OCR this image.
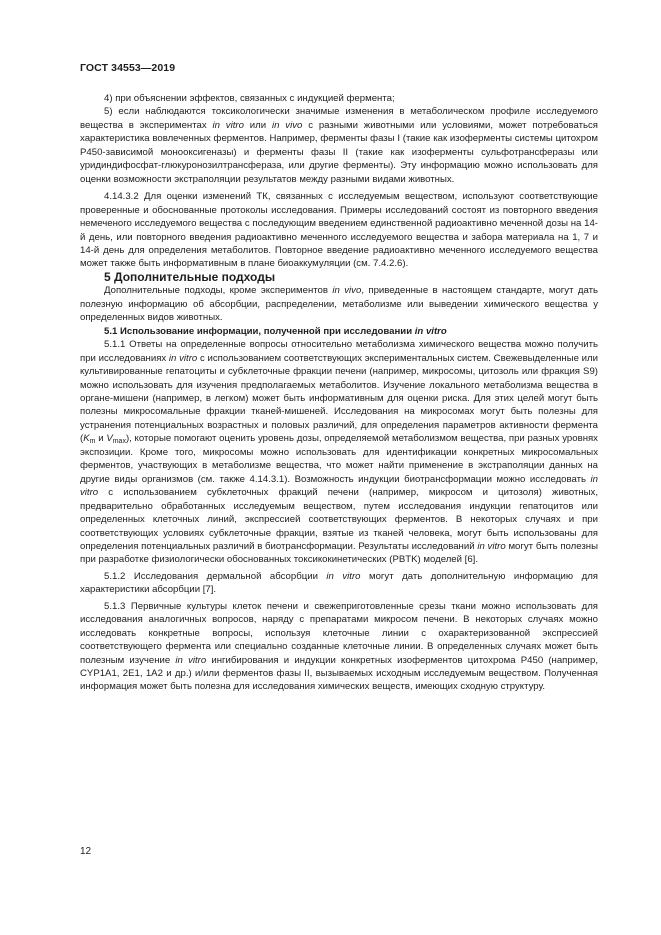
ГОСТ 34553—2019

4) при объяснении эффектов, связанных с индукцией фермента;

5) если наблюдаются токсикологически значимые изменения в метаболическом профиле исследуемого вещества в экспериментах in vitro или in vivo с разными животными или условиями, может потребоваться характеристика вовлеченных ферментов. Например, ферменты фазы I (такие как изоферменты системы цитохром Р450-зависимой монооксигеназы) и ферменты фазы II (такие как изоферменты сульфотрансферазы или уридиндифосфат-глюкуронозилтрансфераза, или другие ферменты). Эту информацию можно использовать для оценки возможности экстраполяции результатов между разными видами животных.

4.14.3.2 Для оценки изменений ТК, связанных с исследуемым веществом, используют соответствующие проверенные и обоснованные протоколы исследования. Примеры исследований состоят из повторного введения немеченого исследуемого вещества с последующим введением единственной радиоактивно меченной дозы на 14-й день, или повторного введения радиоактивно меченного исследуемого вещества и забора материала на 1, 7 и 14-й день для определения метаболитов. Повторное введение радиоактивно меченного исследуемого вещества может также быть информативным в плане биоаккумуляции (см. 7.4.2.6).

5 Дополнительные подходы

Дополнительные подходы, кроме экспериментов in vivo, приведенные в настоящем стандарте, могут дать полезную информацию об абсорбции, распределении, метаболизме или выведении химического вещества у определенных видов животных.

5.1 Использование информации, полученной при исследовании in vitro

5.1.1 Ответы на определенные вопросы относительно метаболизма химического вещества можно получить при исследованиях in vitro с использованием соответствующих экспериментальных систем. Свежевыделенные или культивированные гепатоциты и субклеточные фракции печени (например, микросомы, цитозоль или фракция S9) можно использовать для изучения предполагаемых метаболитов. Изучение локального метаболизма вещества в органе-мишени (например, в легком) может быть информативным для оценки риска. Для этих целей могут быть полезны микросомальные фракции тканей-мишеней. Исследования на микросомах могут быть полезны для устранения потенциальных возрастных и половых различий, для определения параметров активности фермента ($K_m$ и $V_{max}$), которые помогают оценить уровень дозы, определяемой метаболизмом вещества, при разных уровнях экспозиции. Кроме того, микросомы можно использовать для идентификации конкретных микросомальных ферментов, участвующих в метаболизме вещества, что может найти применение в экстраполяции данных на другие виды организмов (см. также 4.14.3.1). Возможность индукции биотрансформации можно исследовать in vitro с использованием субклеточных фракций печени (например, микросом и цитозоля) животных, предварительно обработанных исследуемым веществом, путем исследования индукции гепатоцитов или определенных клеточных линий, экспрессией соответствующих ферментов. В некоторых случаях и при соответствующих условиях субклеточные фракции, взятые из тканей человека, могут быть использованы для определения потенциальных различий в биотрансформации. Результаты исследований in vitro могут быть полезны при разработке физиологически обоснованных токсикокинетических (PBTK) моделей [6].

5.1.2 Исследования дермальной абсорбции in vitro могут дать дополнительную информацию для характеристики абсорбции [7].

5.1.3 Первичные культуры клеток печени и свежеприготовленные срезы ткани можно использовать для исследования аналогичных вопросов, наряду с препаратами микросом печени. В некоторых случаях можно исследовать конкретные вопросы, используя клеточные линии с охарактеризованной экспрессией соответствующего фермента или специально созданные клеточные линии. В определенных случаях может быть полезным изучение in vitro ингибирования и индукции конкретных изоферментов цитохрома Р450 (например, CYP1A1, 2E1, 1A2 и др.) и/или ферментов фазы II, вызываемых исходным исследуемым веществом. Полученная информация может быть полезна для исследования химических веществ, имеющих сходную структуру.

12
